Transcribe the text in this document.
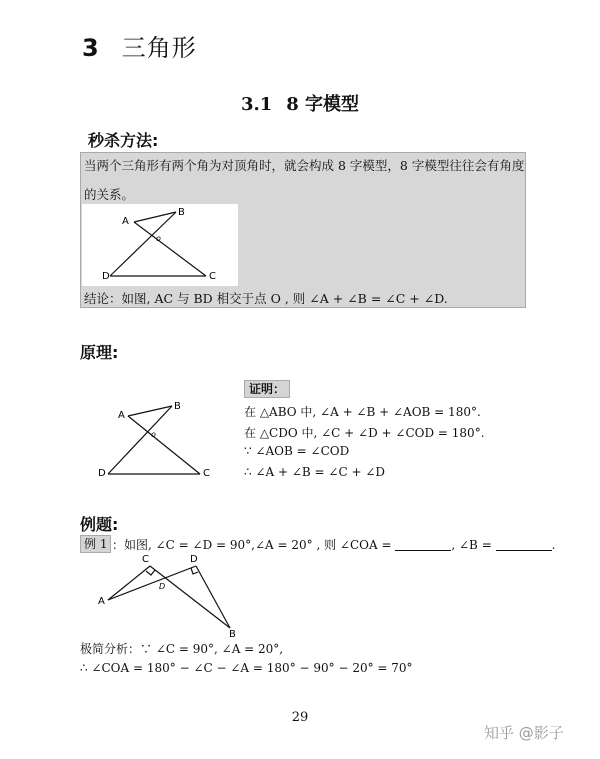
3 三角形
3.1 8 字模型
秒杀方法:
当两个三角形有两个角为对顶角时，就会构成 8 字模型，8 字模型往往会有角度
的关系。
A
B
o
D	C
结论：如图, AC 与 BD 相交于点 O , 则 ∠A + ∠B = ∠C + ∠D.
原理:
A
B
o
D	C
证明：
在 △ABO 中, ∠A + ∠B + ∠AOB = 180°.
在 △CDO 中, ∠C + ∠D + ∠COD = 180°.
∵ ∠AOB = ∠COD
∴ ∠A + ∠B = ∠C + ∠D
例题:
例 1 ：如图, ∠C = ∠D = 90°,∠A = 20° , 则 ∠COA =	, ∠B =	.
C	D
D
A
B
极简分析：∵ ∠C = 90°, ∠A = 20°,
∴ ∠COA = 180° − ∠C − ∠A = 180° − 90° − 20° = 70°
29
知乎 @影子
